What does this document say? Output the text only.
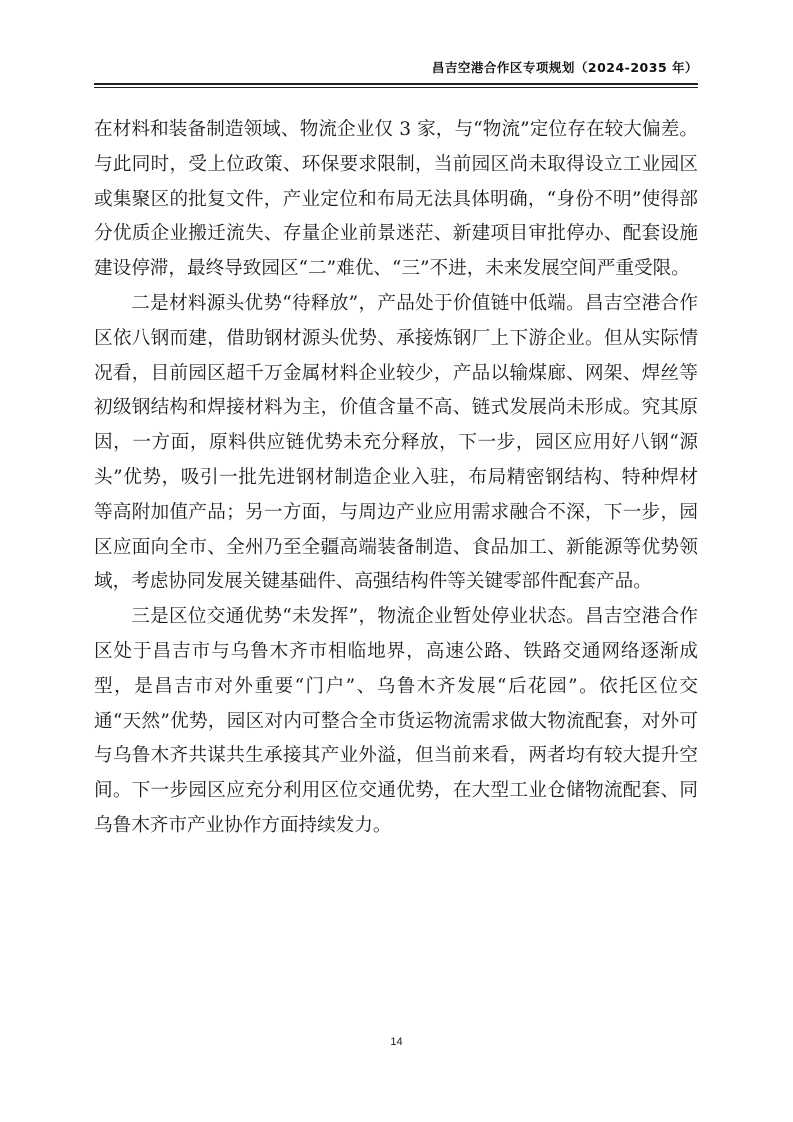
昌吉空港合作区专项规划（2024-2035 年）

在材料和装备制造领域、物流企业仅 3 家，与“物流”定位存在较大偏差。与此同时，受上位政策、环保要求限制，当前园区尚未取得设立工业园区或集聚区的批复文件，产业定位和布局无法具体明确，“身份不明”使得部分优质企业搬迁流失、存量企业前景迷茫、新建项目审批停办、配套设施建设停滞，最终导致园区“二”难优、“三”不进，未来发展空间严重受限。

二是材料源头优势“待释放”，产品处于价值链中低端。昌吉空港合作区依八钢而建，借助钢材源头优势、承接炼钢厂上下游企业。但从实际情况看，目前园区超千万金属材料企业较少，产品以输煤廊、网架、焊丝等初级钢结构和焊接材料为主，价值含量不高、链式发展尚未形成。究其原因，一方面，原料供应链优势未充分释放，下一步，园区应用好八钢“源头”优势，吸引一批先进钢材制造企业入驻，布局精密钢结构、特种焊材等高附加值产品；另一方面，与周边产业应用需求融合不深，下一步，园区应面向全市、全州乃至全疆高端装备制造、食品加工、新能源等优势领域，考虑协同发展关键基础件、高强结构件等关键零部件配套产品。

三是区位交通优势“未发挥”，物流企业暂处停业状态。昌吉空港合作区处于昌吉市与乌鲁木齐市相临地界，高速公路、铁路交通网络逐渐成型，是昌吉市对外重要“门户”、乌鲁木齐发展“后花园”。依托区位交通“天然”优势，园区对内可整合全市货运物流需求做大物流配套，对外可与乌鲁木齐共谋共生承接其产业外溢，但当前来看，两者均有较大提升空间。下一步园区应充分利用区位交通优势，在大型工业仓储物流配套、同乌鲁木齐市产业协作方面持续发力。

14
